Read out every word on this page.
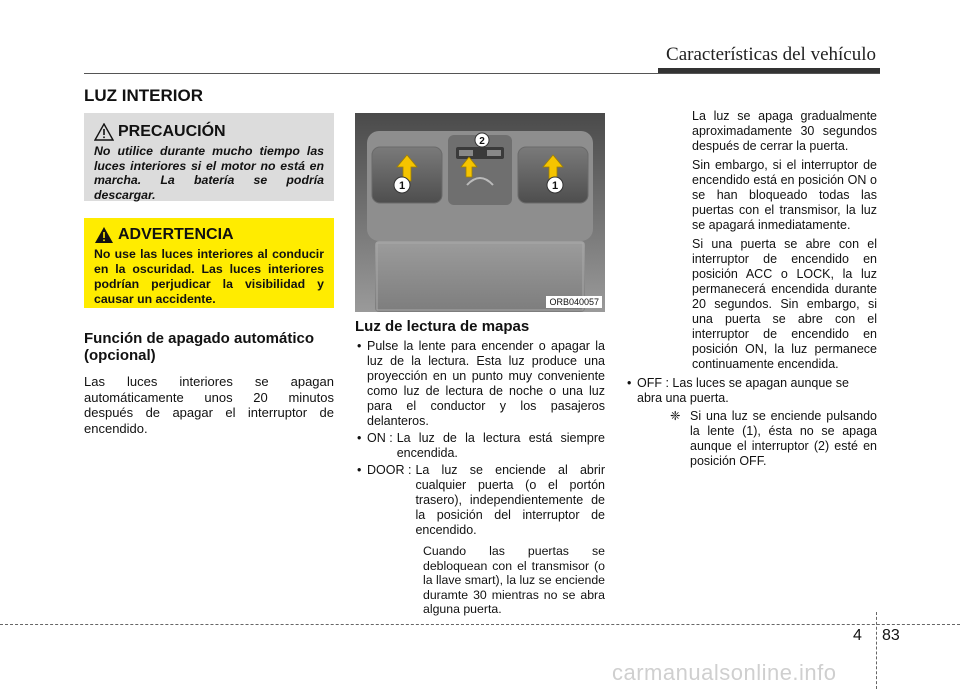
Características del vehículo
LUZ INTERIOR
PRECAUCIÓN
No utilice durante mucho tiempo las luces interiores si el motor no está en marcha. La batería se podría descargar.
ADVERTENCIA
No use las luces interiores al conducir en la oscuridad. Las luces interiores podrían perjudicar la visibilidad y causar un accidente.
Función de apagado automático (opcional)
Las luces interiores se apagan automáticamente unos 20 minutos después de apagar el interruptor de encendido.
1	1
2
ORB040057
Luz de lectura de mapas
• Pulse la lente para encender o apagar la luz de la lectura. Esta luz produce una proyección en un punto muy conveniente como luz de lectura de noche o una luz para el conductor y los pasajeros delanteros.
• ON : La luz de la lectura está siempre encendida.
• DOOR : La luz se enciende al abrir cualquier puerta (o el portón trasero), independientemente de la posición del interruptor de encendido.
Cuando las puertas se debloquean con el transmisor (o la llave smart), la luz se enciende duramte 30 mientras no se abra alguna puerta.
La luz se apaga gradualmente aproximadamente 30 segundos después de cerrar la puerta.
Sin embargo, si el interruptor de encendido está en posición ON o se han bloqueado todas las puertas con el transmisor, la luz se apagará inmediatamente.
Si una puerta se abre con el interruptor de encendido en posición ACC o LOCK, la luz permanecerá encendida durante 20 segundos. Sin embargo, si una puerta se abre con el interruptor de encendido en posición ON, la luz permanece continuamente encendida.
• OFF : Las luces se apagan aunque se abra una puerta.
❈ Si una luz se enciende pulsando la lente (1), ésta no se apaga aunque el interruptor (2) esté en posición OFF.
4 83
carmanualsonline.info
